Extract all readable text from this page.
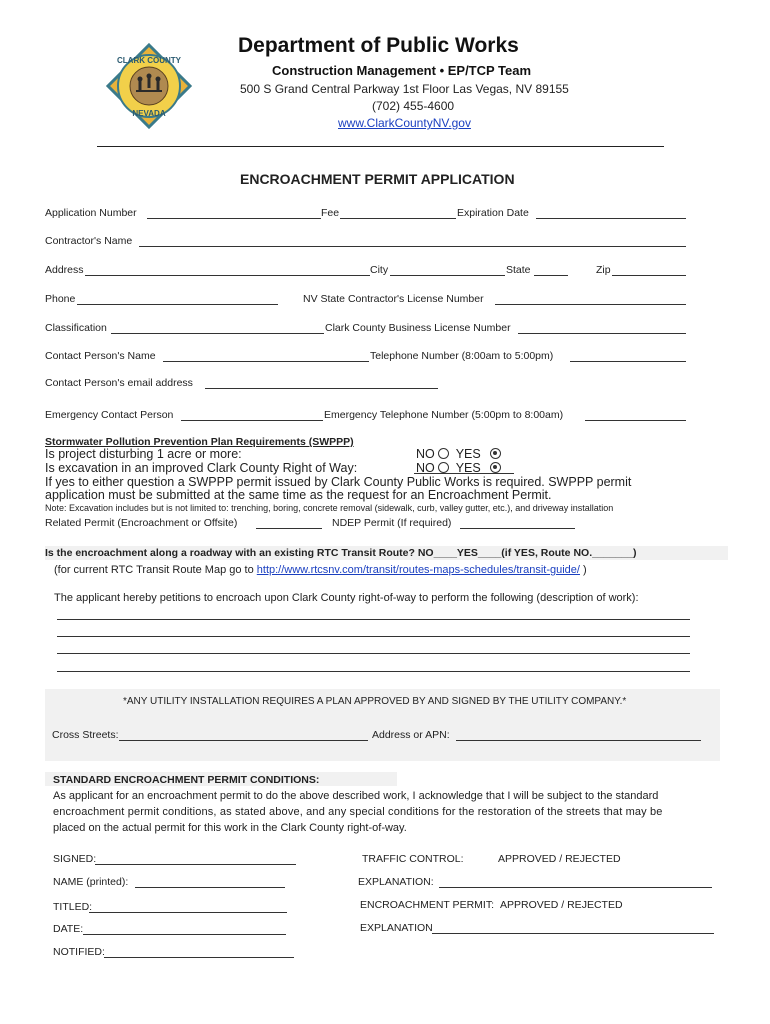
CLARK COUNTY
NEVADA
Department of Public Works
Construction Management • EP/TCP Team
500 S Grand Central Parkway 1st Floor Las Vegas, NV 89155
(702) 455-4600
www.ClarkCountyNV.gov
ENCROACHMENT PERMIT APPLICATION
Application Number	Fee	Expiration Date
Contractor's Name
Address	City	State	Zip
Phone	NV State Contractor's License Number
Classification	Clark County Business License Number
Contact Person's Name	Telephone Number (8:00am to 5:00pm)
Contact Person's email address
Emergency Contact Person	Emergency Telephone Number (5:00pm to 8:00am)
Stormwater Pollution Prevention Plan Requirements (SWPPP)
Is project disturbing 1 acre or more:	NO YES
Is excavation in an improved Clark County Right of Way:	NO YES
If yes to either question a SWPPP permit issued by Clark County Public Works is required. SWPPP permit
application must be submitted at the same time as the request for an Encroachment Permit.
Note: Excavation includes but is not limited to: trenching, boring, concrete removal (sidewalk, curb, valley gutter, etc.), and driveway installation
Related Permit (Encroachment or Offsite)	NDEP Permit (If required)
Is the encroachment along a roadway with an existing RTC Transit Route? NO____YES____(if YES, Route NO._______)
(for current RTC Transit Route Map go to http://www.rtcsnv.com/transit/routes-maps-schedules/transit-guide/ )
The applicant hereby petitions to encroach upon Clark County right-of-way to perform the following (description of work):
*ANY UTILITY INSTALLATION REQUIRES A PLAN APPROVED BY AND SIGNED BY THE UTILITY COMPANY.*
Cross Streets:	Address or APN:
STANDARD ENCROACHMENT PERMIT CONDITIONS:
As applicant for an encroachment permit to do the above described work, I acknowledge that I will be subject to the standard
encroachment permit conditions, as stated above, and any special conditions for the restoration of the streets that may be
placed on the actual permit for this work in the Clark County right-of-way.
SIGNED:	TRAFFIC CONTROL:	APPROVED / REJECTED
NAME (printed):	EXPLANATION:
TITLED:	ENCROACHMENT PERMIT: APPROVED / REJECTED
DATE:	EXPLANATION
NOTIFIED:
